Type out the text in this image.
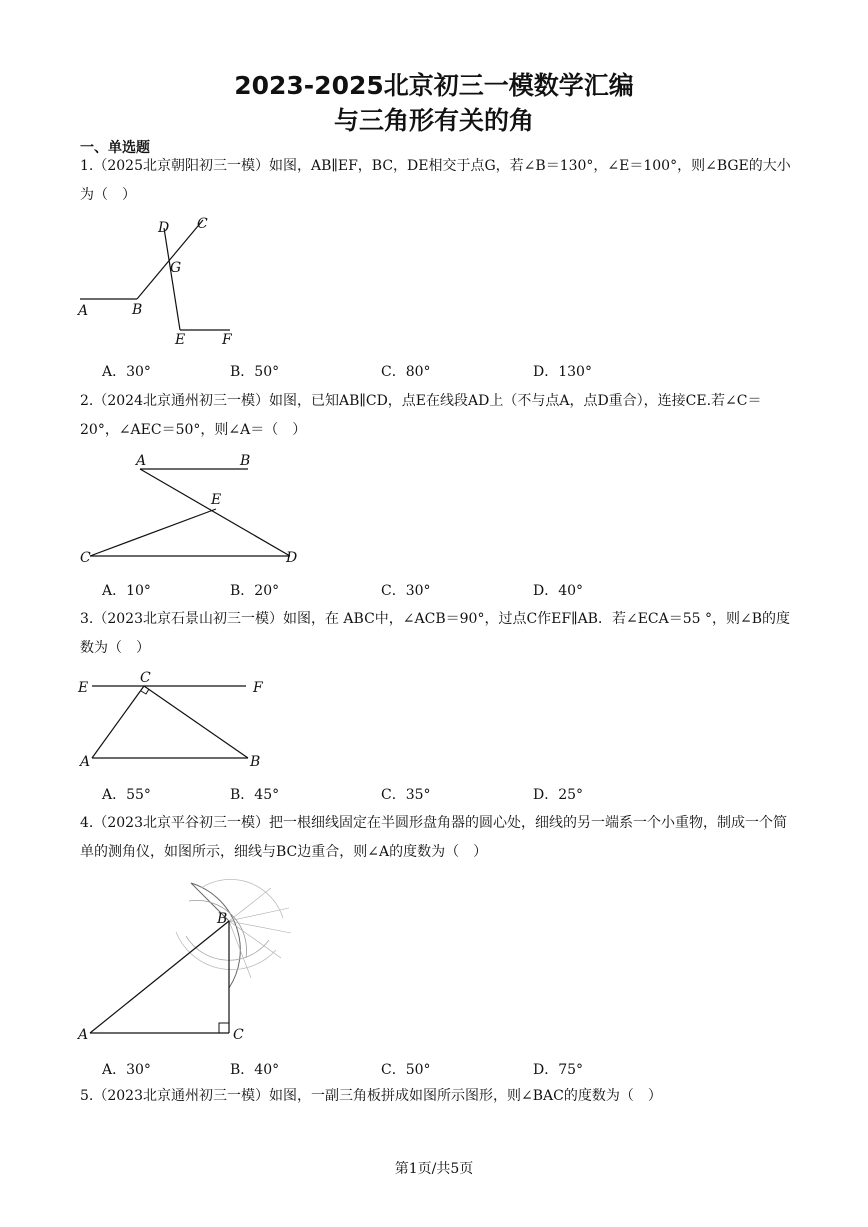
2023-2025北京初三一模数学汇编
与三角形有关的角
一、单选题
1.（2025北京朝阳初三一模）如图，AB∥EF，BC，DE相交于点G，若∠B＝130°，∠E＝100°，则∠BGE的大小为（　）
D C
G
A	B
E	F
A．30°	B．50°	C．80°	D．130°
2.（2024北京通州初三一模）如图，已知AB∥CD，点E在线段AD上（不与点A，点D重合），连接CE.若∠C＝20°，∠AEC＝50°，则∠A＝（　）
A	B
E
C	D
A．10°	B．20°	C．30°	D．40°
3.（2023北京石景山初三一模）如图，在 ABC中，∠ACB＝90°，过点C作EF∥AB．若∠ECA＝55 °，则∠B的度数为（　）
E
C
F
A	B
A．55°	B．45°	C．35°	D．25°
4.（2023北京平谷初三一模）把一根细线固定在半圆形盘角器的圆心处，细线的另一端系一个小重物，制成一个简单的测角仪，如图所示，细线与BC边重合，则∠A的度数为（　）
B
A	C
A．30°	B．40°	C．50°	D．75°
5.（2023北京通州初三一模）如图，一副三角板拼成如图所示图形，则∠BAC的度数为（　）
第1页/共5页
